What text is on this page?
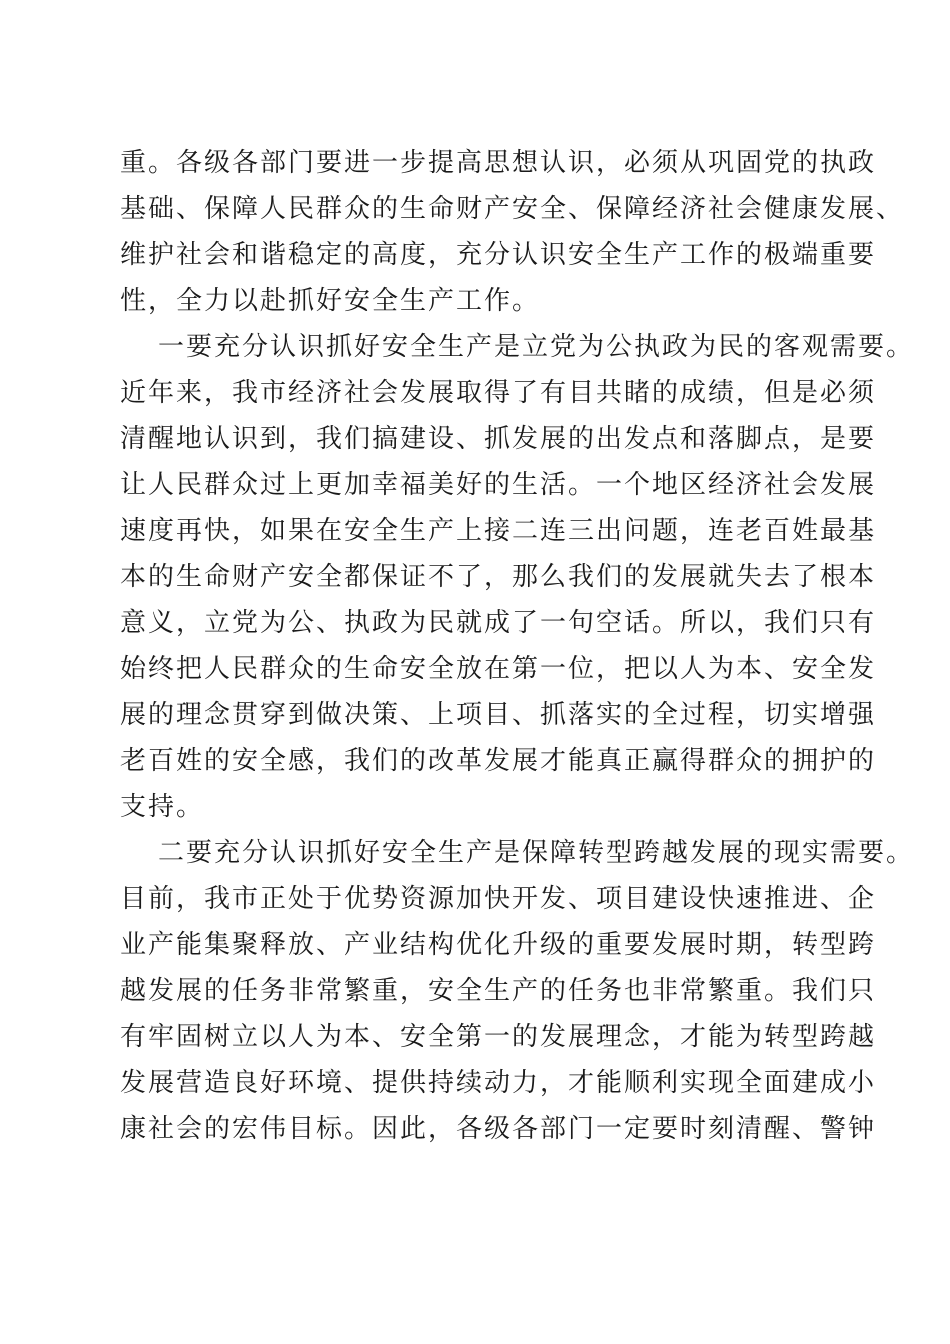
重。各级各部门要进一步提高思想认识，必须从巩固党的执政
基础、保障人民群众的生命财产安全、保障经济社会健康发展、
维护社会和谐稳定的高度，充分认识安全生产工作的极端重要
性，全力以赴抓好安全生产工作。
一要充分认识抓好安全生产是立党为公执政为民的客观需要。
近年来，我市经济社会发展取得了有目共睹的成绩，但是必须
清醒地认识到，我们搞建设、抓发展的出发点和落脚点，是要
让人民群众过上更加幸福美好的生活。一个地区经济社会发展
速度再快，如果在安全生产上接二连三出问题，连老百姓最基
本的生命财产安全都保证不了，那么我们的发展就失去了根本
意义，立党为公、执政为民就成了一句空话。所以，我们只有
始终把人民群众的生命安全放在第一位，把以人为本、安全发
展的理念贯穿到做决策、上项目、抓落实的全过程，切实增强
老百姓的安全感，我们的改革发展才能真正赢得群众的拥护的
支持。
二要充分认识抓好安全生产是保障转型跨越发展的现实需要。
目前，我市正处于优势资源加快开发、项目建设快速推进、企
业产能集聚释放、产业结构优化升级的重要发展时期，转型跨
越发展的任务非常繁重，安全生产的任务也非常繁重。我们只
有牢固树立以人为本、安全第一的发展理念，才能为转型跨越
发展营造良好环境、提供持续动力，才能顺利实现全面建成小
康社会的宏伟目标。因此，各级各部门一定要时刻清醒、警钟
